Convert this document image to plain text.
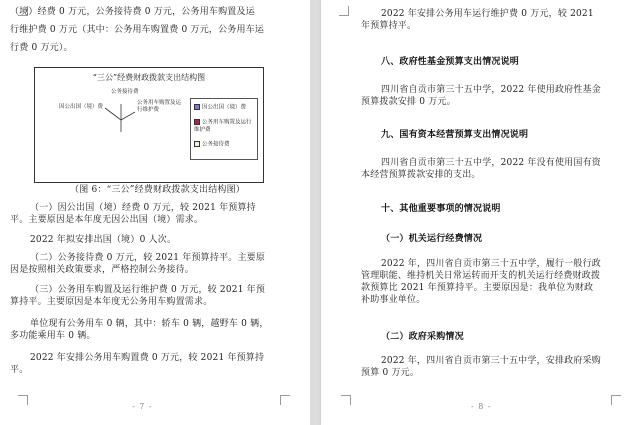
（境）经费 0 万元，公务接待费 0 万元，公务用车购置及运
行维护费 0 万元（其中：公务用车购置费 0 万元，公务用车运
行费 0 万元）。
“三公”经费财政拨款支出结构图
公务接待费
因公出国（境）费
公务用车购置及运
行维护费	因公出国（境）费
公务用车购置及运行维护费
公务接待费
（图 6：“三公”经费财政拨款支出结构图）
（一）因公出国（境）经费 0 万元，较 2021 年预算持平。主要原因是本年度无因公出国（境）需求。
2022 年拟安排出国（境）0 人次。
（二）公务接待费 0 万元，较 2021 年预算持平。主要原因是按照相关政策要求，严格控制公务接待。
（三）公务用车购置及运行维护费 0 万元，较 2021 年预算持平。主要原因是本年度无公务用车购置需求。
单位现有公务用车 0 辆，其中：轿车 0 辆，越野车 0 辆，多功能乘用车 0 辆。
2022 年安排公务用车购置费 0 万元，较 2021 年预算持平。
- 7 -
2022 年安排公务用车运行维护费 0 万元，较 2021 年预算持平。
八、政府性基金预算支出情况说明
四川省自贡市第三十五中学，2022 年使用政府性基金预算拨款安排 0 万元。
九、国有资本经营预算支出情况说明
四川省自贡市第三十五中学，2022 年没有使用国有资本经营预算拨款安排的支出。
十、其他重要事项的情况说明
（一）机关运行经费情况
2022 年，四川省自贡市第三十五中学，履行一般行政管理职能、维持机关日常运转而开支的机关运行经费财政拨款预算比 2021 年预算持平。主要原因是：我单位为财政补助事业单位。
（二）政府采购情况
2022 年，四川省自贡市第三十五中学，安排政府采购预算 0 万元。
- 8 -
